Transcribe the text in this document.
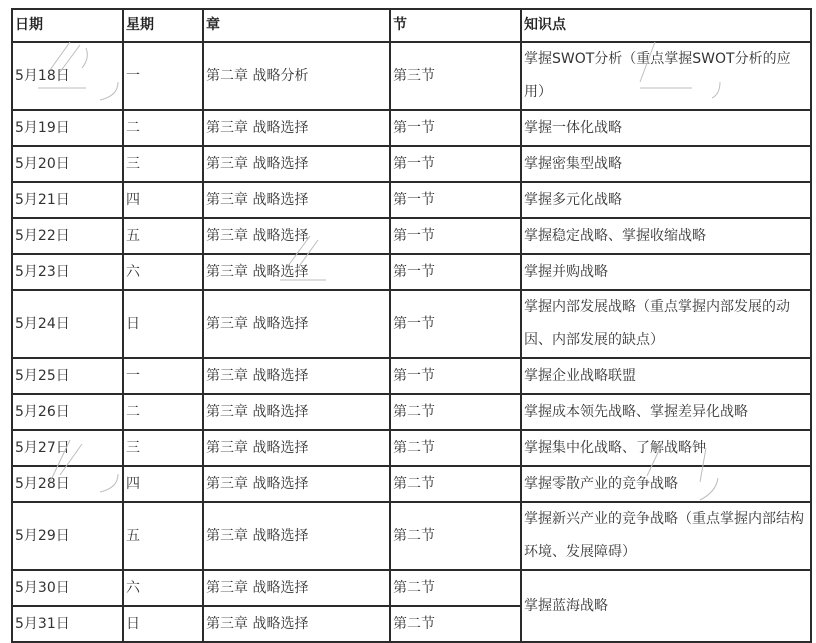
日期	星期	章	节	知识点
5月18日	一	第二章 战略分析	第三节	掌握SWOT分析（重点掌握SWOT分析的应用）
5月19日	二	第三章 战略选择	第一节	掌握一体化战略
5月20日	三	第三章 战略选择	第一节	掌握密集型战略
5月21日	四	第三章 战略选择	第一节	掌握多元化战略
5月22日	五	第三章 战略选择	第一节	掌握稳定战略、掌握收缩战略
5月23日	六	第三章 战略选择	第一节	掌握并购战略
5月24日	日	第三章 战略选择	第一节	掌握内部发展战略（重点掌握内部发展的动因、内部发展的缺点）
5月25日	一	第三章 战略选择	第一节	掌握企业战略联盟
5月26日	二	第三章 战略选择	第二节	掌握成本领先战略、掌握差异化战略
5月27日	三	第三章 战略选择	第二节	掌握集中化战略、了解战略钟
5月28日	四	第三章 战略选择	第二节	掌握零散产业的竞争战略
5月29日	五	第三章 战略选择	第二节	掌握新兴产业的竞争战略（重点掌握内部结构环境、发展障碍）
5月30日	六	第三章 战略选择	第二节	掌握蓝海战略
5月31日	日	第三章 战略选择	第二节	
